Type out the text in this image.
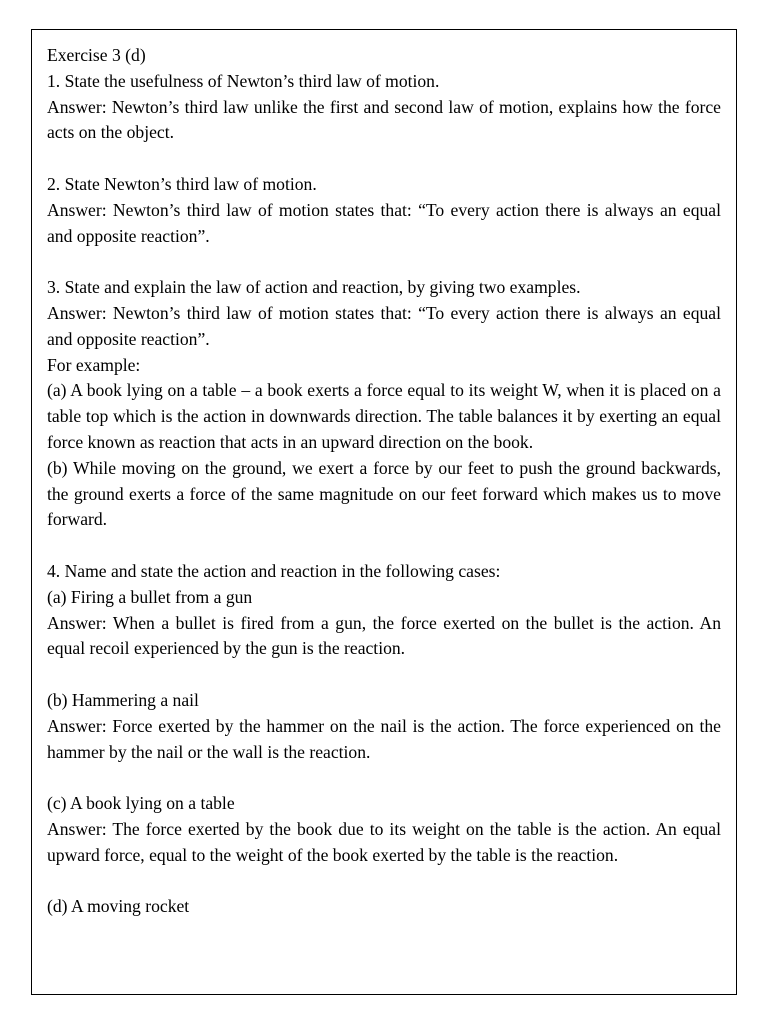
Exercise 3 (d)

1. State the usefulness of Newton’s third law of motion.

Answer: Newton’s third law unlike the first and second law of motion, explains how the force acts on the object.

2. State Newton’s third law of motion.

Answer: Newton’s third law of motion states that: “To every action there is always an equal and opposite reaction”.

3. State and explain the law of action and reaction, by giving two examples.

Answer: Newton’s third law of motion states that: “To every action there is always an equal and opposite reaction”.

For example:

(a) A book lying on a table – a book exerts a force equal to its weight W, when it is placed on a table top which is the action in downwards direction. The table balances it by exerting an equal force known as reaction that acts in an upward direction on the book.

(b) While moving on the ground, we exert a force by our feet to push the ground backwards, the ground exerts a force of the same magnitude on our feet forward which makes us to move forward.

4. Name and state the action and reaction in the following cases:

(a) Firing a bullet from a gun

Answer: When a bullet is fired from a gun, the force exerted on the bullet is the action. An equal recoil experienced by the gun is the reaction.

(b) Hammering a nail

Answer: Force exerted by the hammer on the nail is the action. The force experienced on the hammer by the nail or the wall is the reaction.

(c) A book lying on a table

Answer: The force exerted by the book due to its weight on the table is the action. An equal upward force, equal to the weight of the book exerted by the table is the reaction.

(d) A moving rocket
